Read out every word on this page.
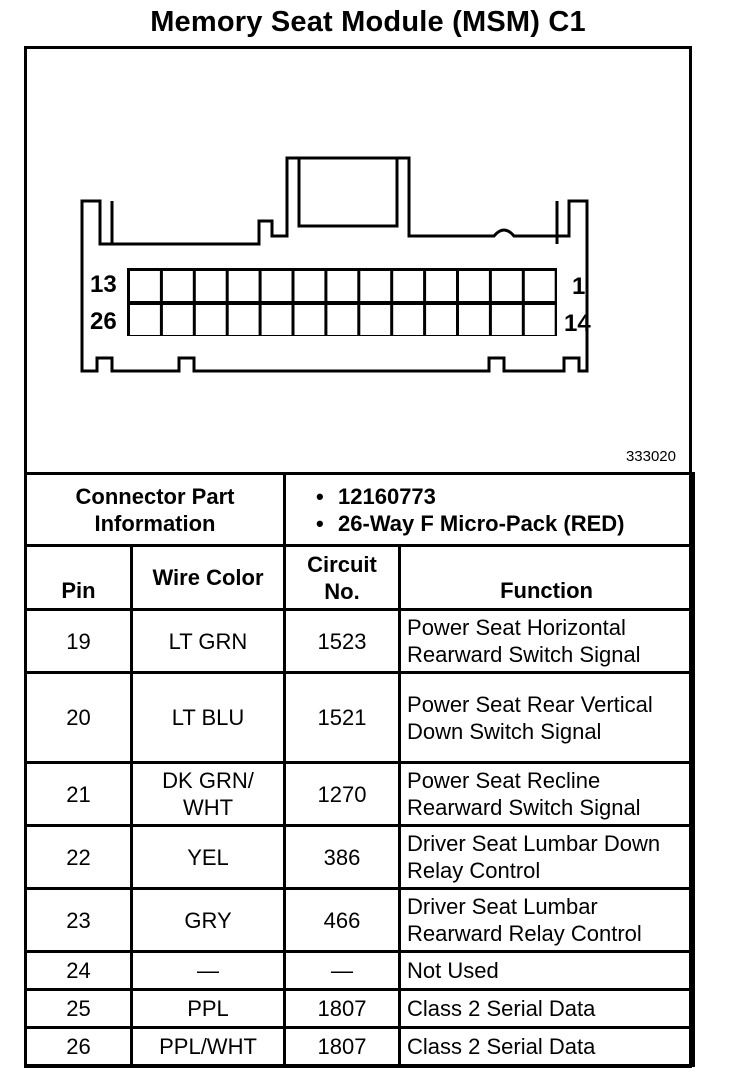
Memory Seat Module (MSM) C1
13
26
1
14
333020
Connector Part Information		• 12160773
• 26-Way F Micro-Pack (RED)	

Pin	Wire Color	Circuit No.	Function
19	LT GRN	1523	Power Seat Horizontal Rearward Switch Signal
20	LT BLU	1521	Power Seat Rear Vertical Down Switch Signal
21	DK GRN/ WHT	1270	Power Seat Recline Rearward Switch Signal
22	YEL	386	Driver Seat Lumbar Down Relay Control
23	GRY	466	Driver Seat Lumbar Rearward Relay Control
24	—	—	Not Used
25	PPL	1807	Class 2 Serial Data
26	PPL/WHT	1807	Class 2 Serial Data
